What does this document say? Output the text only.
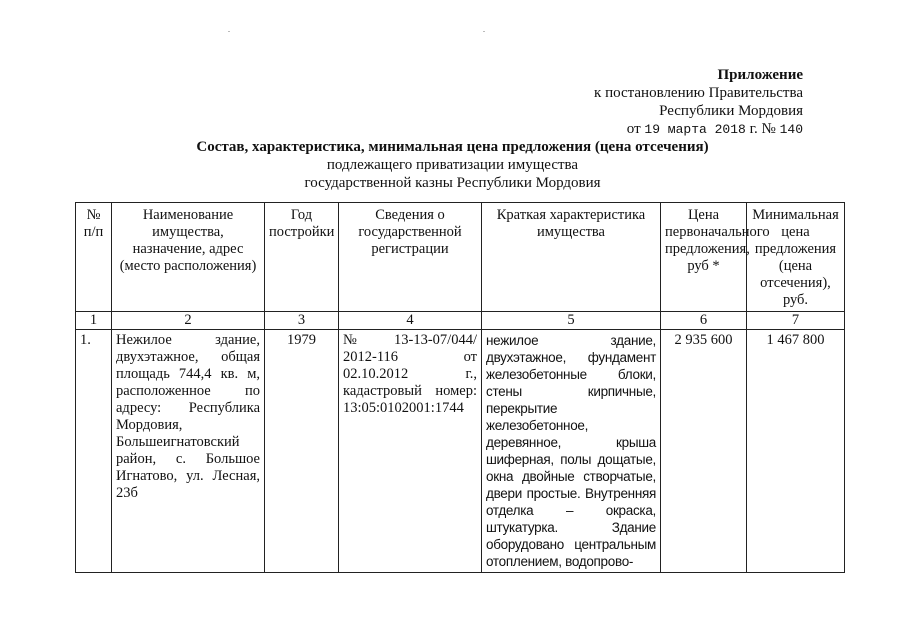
Приложение
к постановлению Правительства
Республики Мордовия
от 19 марта 2018 г. № 140
Состав, характеристика, минимальная цена предложения (цена отсечения)
подлежащего приватизации имущества
государственной казны Республики Мордовия
№ п/п	Наименование имущества, назначение, адрес (место расположения)	Год постройки	Сведения о государственной регистрации	Краткая характеристика имущества	Цена первоначального предложения, руб *	Минимальная цена предложения (цена отсечения), руб.
1	2	3	4	5	6	7
1.	Нежилое здание, двухэтажное, общая площадь 744,4 кв. м, расположенное по адресу: Республика Мордовия, Большеигнатовский район, с. Большое Игнатово, ул. Лесная, 23б	1979	№ 13-13-07/044/ 2012-116 от 02.10.2012 г., кадастровый номер: 13:05:0102001:1744	нежилое здание, двухэтажное, фундамент железобетонные блоки, стены кирпичные, перекрытие железобетонное, деревянное, крыша шиферная, полы дощатые, окна двойные створчатые, двери простые. Внутренняя отделка – окраска, штукатурка. Здание оборудовано центральным отоплением, водопрово-	2 935 600	1 467 800
